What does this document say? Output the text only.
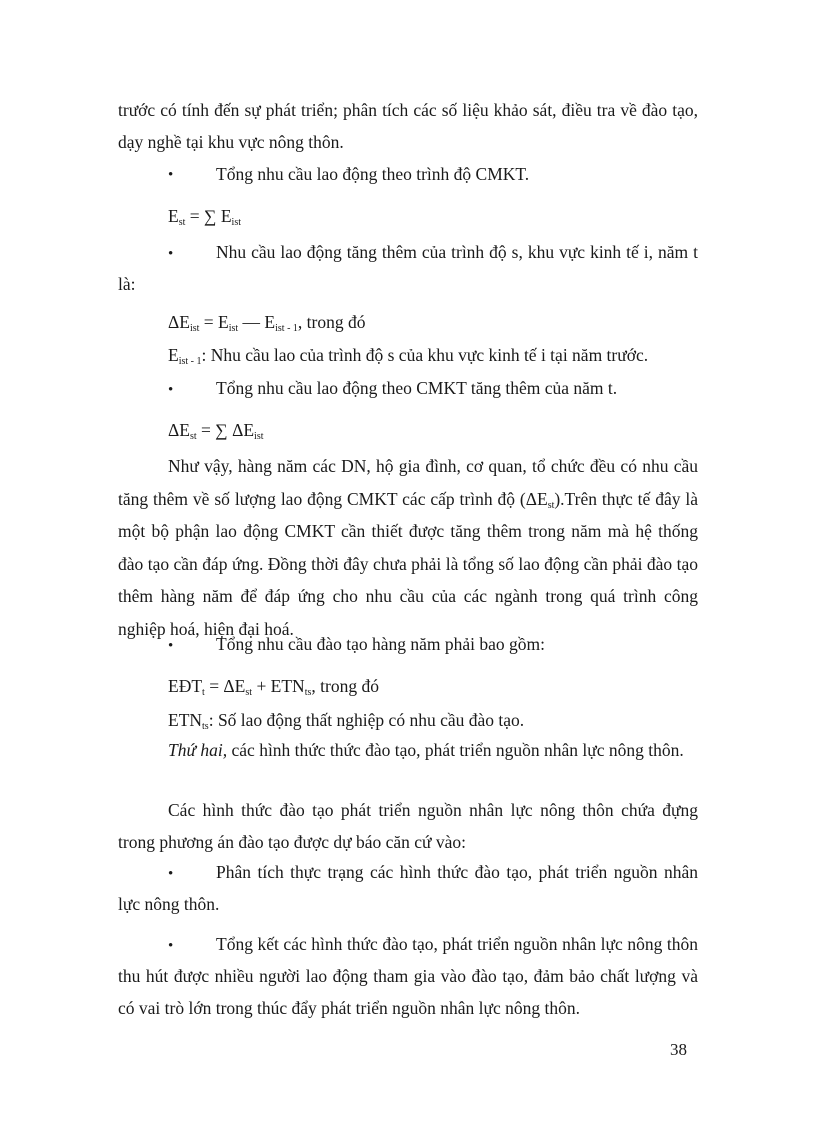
trước có tính đến sự phát triển; phân tích các số liệu khảo sát, điều tra về đào tạo, dạy nghề tại khu vực nông thôn.

• Tổng nhu cầu lao động theo trình độ CMKT.
$E_{st}$ = ∑ $E_{ist}$
•	Nhu cầu lao động tăng thêm của trình độ s, khu vực kinh tế i, năm t là:

$\Delta E_{ist} = E_{ist}$ — $E_{ist - 1}$, trong đó
$E_{ist - 1}$: Nhu cầu lao của trình độ s của khu vực kinh tế i tại năm trước.
• Tổng nhu cầu lao động theo CMKT tăng thêm của năm t.
$\Delta E_{st}$ = ∑ $\Delta E_{ist}$

Như vậy, hàng năm các DN, hộ gia đình, cơ quan, tổ chức đều có nhu cầu tăng thêm về số lượng lao động CMKT các cấp trình độ $(\Delta E_{st}).Trên$ thực tế đây là một bộ phận lao động CMKT cần thiết được tăng thêm trong năm mà hệ thống đào tạo cần đáp ứng. Đồng thời đây chưa phải là tổng số lao động cần phải đào tạo thêm hàng năm để đáp ứng cho nhu cầu của các ngành trong quá trình công nghiệp hoá, hiện đại hoá.

• Tổng nhu cầu đào tạo hàng năm phải bao gồm:
$EĐT_t = \Delta E_{st} + ETN_{ts}$, trong đó
$ETN_{ts}$: Số lao động thất nghiệp có nhu cầu đào tạo.

Thứ hai, các hình thức thức đào tạo, phát triển nguồn nhân lực nông thôn.

Các hình thức đào tạo phát triển nguồn nhân lực nông thôn chứa đựng trong phương án đào tạo được dự báo căn cứ vào:

•	Phân tích thực trạng các hình thức đào tạo, phát triển nguồn nhân lực nông thôn.

•	Tổng kết các hình thức đào tạo, phát triển nguồn nhân lực nông thôn thu hút được nhiều người lao động tham gia vào đào tạo, đảm bảo chất lượng và có vai trò lớn trong thúc đẩy phát triển nguồn nhân lực nông thôn.

38
